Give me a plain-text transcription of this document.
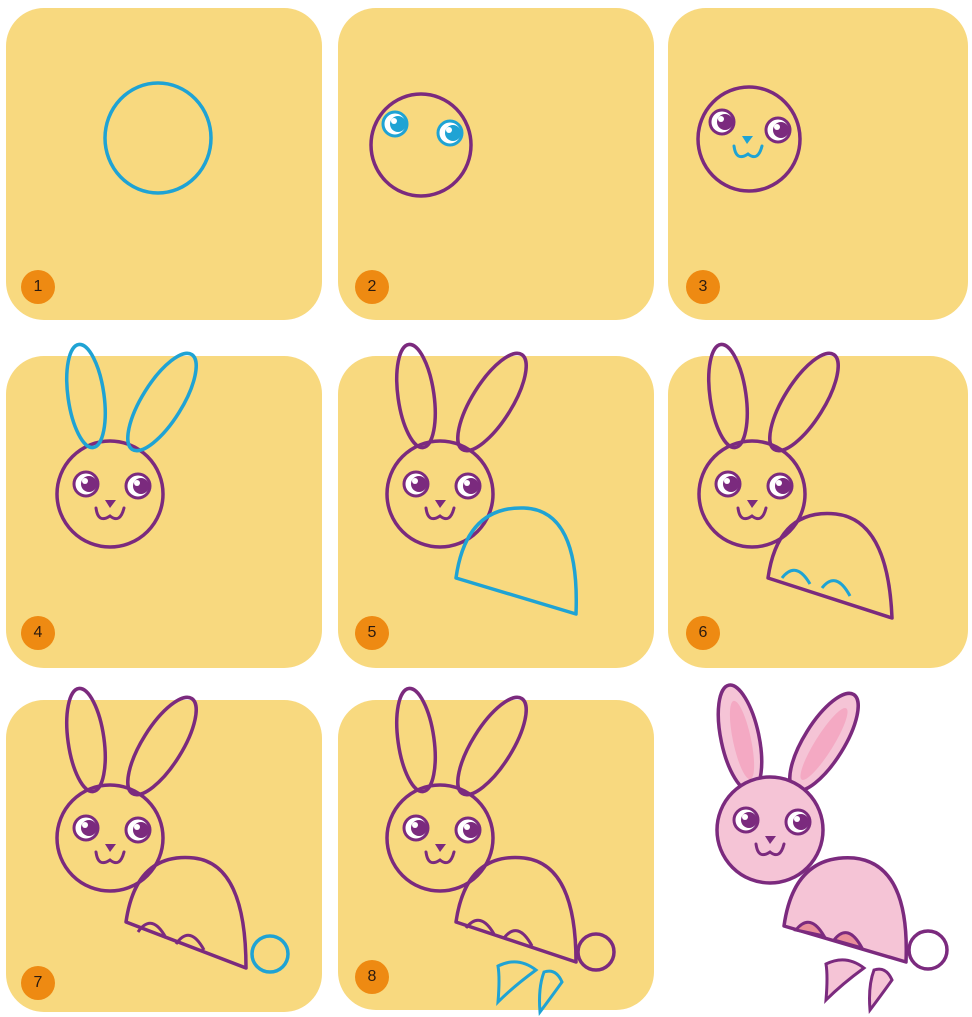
1	2	3
4	5	6
7	8
